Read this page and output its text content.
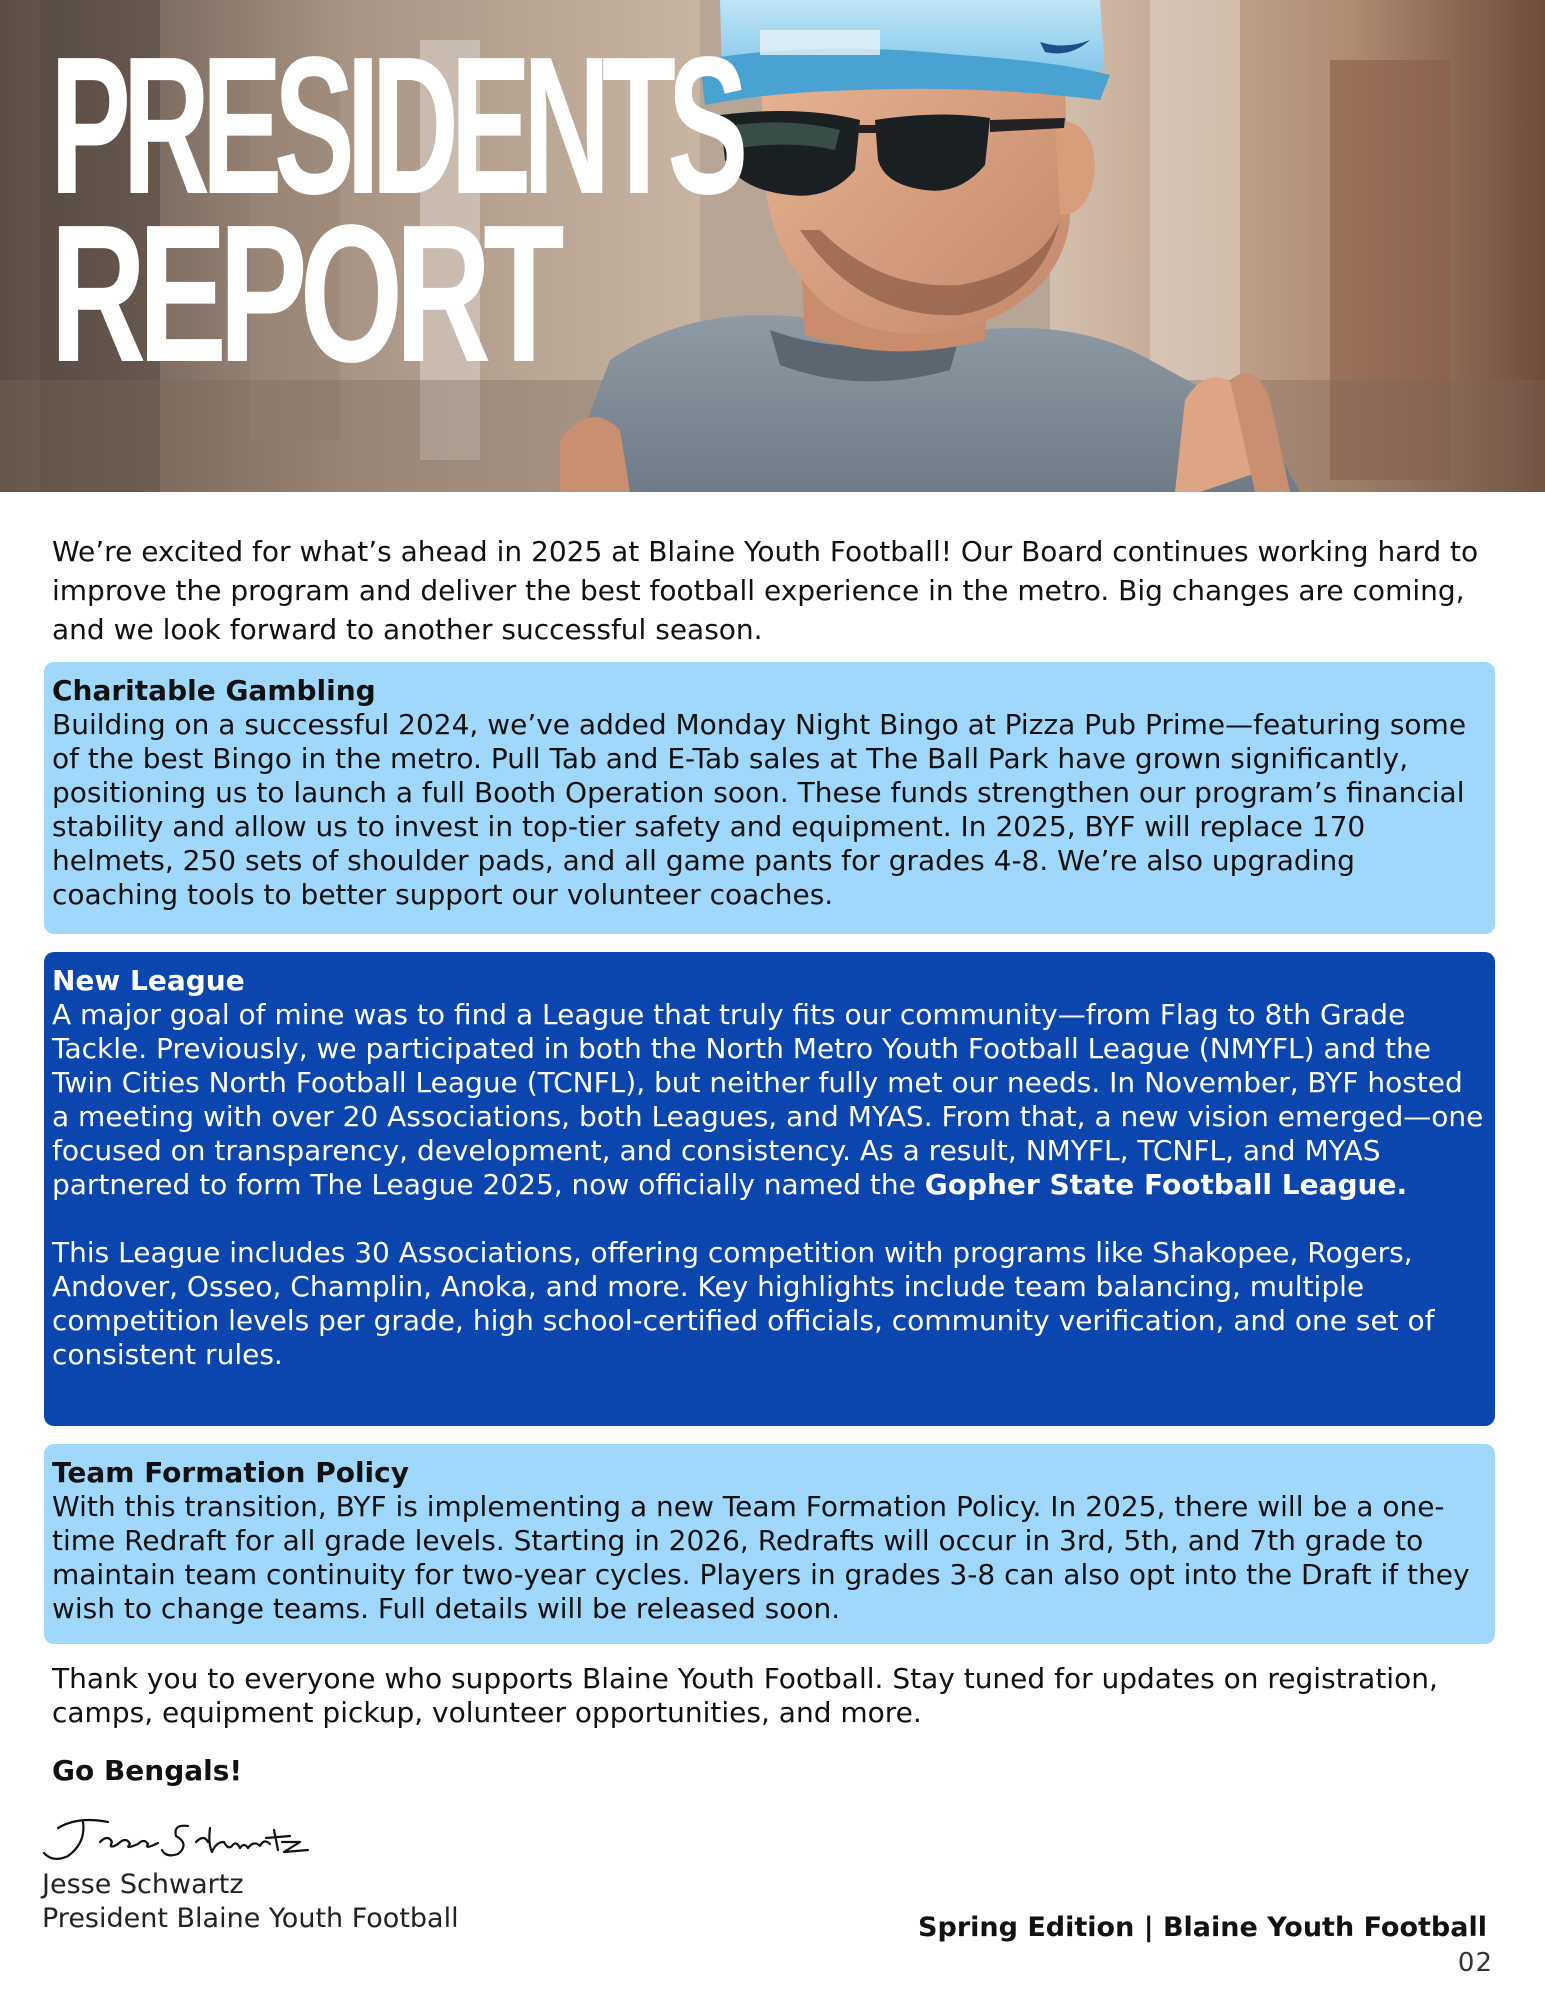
PRESIDENTS
REPORT
We’re excited for what’s ahead in 2025 at Blaine Youth Football! Our Board continues working hard to improve the program and deliver the best football experience in the metro. Big changes are coming, and we look forward to another successful season.
Charitable Gambling

Building on a successful 2024, we’ve added Monday Night Bingo at Pizza Pub Prime—featuring some of the best Bingo in the metro. Pull Tab and E-Tab sales at The Ball Park have grown significantly, positioning us to launch a full Booth Operation soon. These funds strengthen our program’s financial stability and allow us to invest in top-tier safety and equipment. In 2025, BYF will replace 170 helmets, 250 sets of shoulder pads, and all game pants for grades 4-8. We’re also upgrading coaching tools to better support our volunteer coaches.

New League

A major goal of mine was to find a League that truly fits our community—from Flag to 8th Grade Tackle. Previously, we participated in both the North Metro Youth Football League (NMYFL) and the Twin Cities North Football League (TCNFL), but neither fully met our needs. In November, BYF hosted a meeting with over 20 Associations, both Leagues, and MYAS. From that, a new vision emerged—one focused on transparency, development, and consistency. As a result, NMYFL, TCNFL, and MYAS partnered to form The League 2025, now officially named the Gopher State Football League.

This League includes 30 Associations, offering competition with programs like Shakopee, Rogers, Andover, Osseo, Champlin, Anoka, and more. Key highlights include team balancing, multiple competition levels per grade, high school-certified officials, community verification, and one set of consistent rules.

Team Formation Policy

With this transition, BYF is implementing a new Team Formation Policy. In 2025, there will be a one-time Redraft for all grade levels. Starting in 2026, Redrafts will occur in 3rd, 5th, and 7th grade to maintain team continuity for two-year cycles. Players in grades 3-8 can also opt into the Draft if they wish to change teams. Full details will be released soon.

Thank you to everyone who supports Blaine Youth Football. Stay tuned for updates on registration, camps, equipment pickup, volunteer opportunities, and more.
Go Bengals!
Jesse Schwartz
President Blaine Youth Football	Spring Edition | Blaine Youth Football
02
